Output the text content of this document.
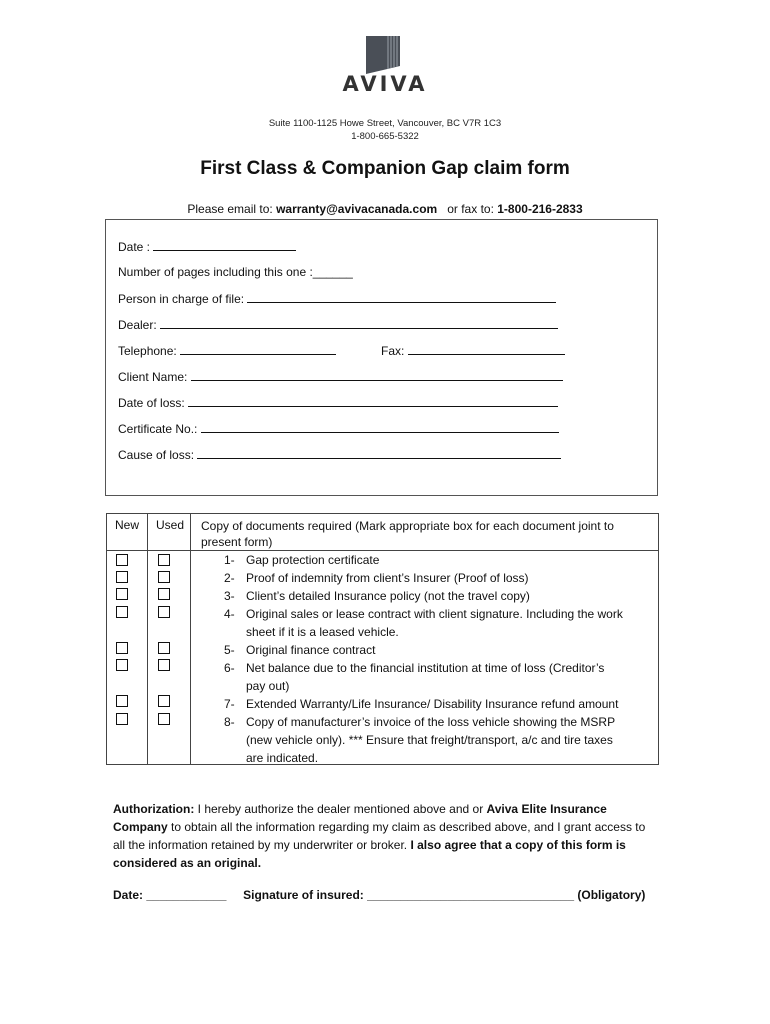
AVIVA
Suite 1100-1125 Howe Street, Vancouver, BC V7R 1C3
1-800-665-5322
First Class & Companion Gap claim form
Please email to: warranty@avivacanada.com or fax to: 1-800-216-2833
Date :
Number of pages including this one :______
Person in charge of file:
Dealer:
Telephone:	Fax:
Client Name:
Date of loss:
Certificate No.:
Cause of loss:
New Used Copy of documents required (Mark appropriate box for each document joint to
present form)
1- Gap protection certificate
2- Proof of indemnity from client’s Insurer (Proof of loss)
3- Client’s detailed Insurance policy (not the travel copy)
4- Original sales or lease contract with client signature. Including the work
sheet if it is a leased vehicle.
5- Original finance contract
6- Net balance due to the financial institution at time of loss (Creditor’s
pay out)
7- Extended Warranty/Life Insurance/ Disability Insurance refund amount
8- Copy of manufacturer’s invoice of the loss vehicle showing the MSRP
(new vehicle only). *** Ensure that freight/transport, a/c and tire taxes
are indicated.
Authorization: I hereby authorize the dealer mentioned above and or Aviva Elite Insurance Company to obtain all the information regarding my claim as described above, and I grant access to all the information retained by my underwriter or broker. I also agree that a copy of this form is considered as an original.
Date: ____________ Signature of insured: _______________________________ (Obligatory)
